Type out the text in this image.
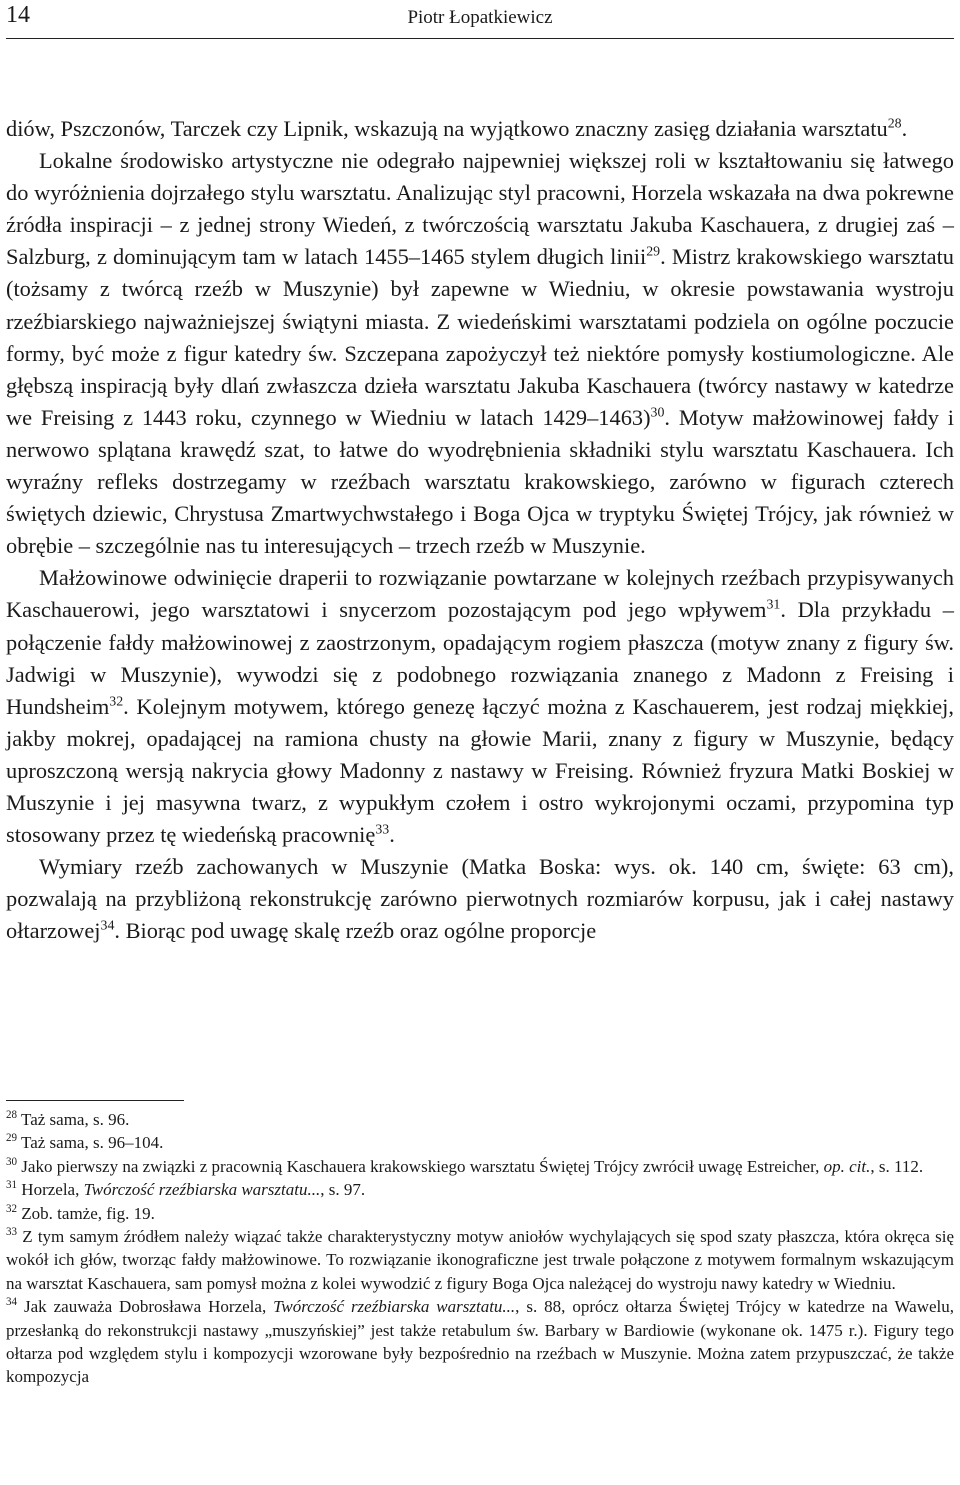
14	Piotr Łopatkiewicz

diów, Pszczonów, Tarczek czy Lipnik, wskazują na wyjątkowo znaczny zasięg działania warsztatu$^{28}$.

Lokalne środowisko artystyczne nie odegrało najpewniej większej roli w kształtowaniu się łatwego do wyróżnienia dojrzałego stylu warsztatu. Analizując styl pracowni, Horzela wskazała na dwa pokrewne źródła inspiracji – z jednej strony Wiedeń, z twórczością warsztatu Jakuba Kaschauera, z drugiej zaś – Salzburg, z dominującym tam w latach 1455–1465 stylem długich linii$^{29}$. Mistrz krakowskiego warsztatu (tożsamy z twórcą rzeźb w Muszynie) był zapewne w Wiedniu, w okresie powstawania wystroju rzeźbiarskiego najważniejszej świątyni miasta. Z wiedeńskimi warsztatami podziela on ogólne poczucie formy, być może z figur katedry św. Szczepana zapożyczył też niektóre pomysły kostiumologiczne. Ale głębszą inspiracją były dlań zwłaszcza dzieła warsztatu Jakuba Kaschauera (twórcy nastawy w katedrze we Freising z 1443 roku, czynnego w Wiedniu w latach 1429–1463)$^{30}$. Motyw małżowinowej fałdy i nerwowo splątana krawędź szat, to łatwe do wyodrębnienia składniki stylu warsztatu Kaschauera. Ich wyraźny refleks dostrzegamy w rzeźbach warsztatu krakowskiego, zarówno w figurach czterech świętych dziewic, Chrystusa Zmartwychwstałego i Boga Ojca w tryptyku Świętej Trójcy, jak również w obrębie – szczególnie nas tu interesujących – trzech rzeźb w Muszynie.

Małżowinowe odwinięcie draperii to rozwiązanie powtarzane w kolejnych rzeźbach przypisywanych Kaschauerowi, jego warsztatowi i snycerzom pozostającym pod jego wpływem$^{31}$. Dla przykładu – połączenie fałdy małżowinowej z zaostrzonym, opadającym rogiem płaszcza (motyw znany z figury św. Jadwigi w Muszynie), wywodzi się z podobnego rozwiązania znanego z Madonn z Freising i Hundsheim$^{32}$. Kolejnym motywem, którego genezę łączyć można z Kaschauerem, jest rodzaj miękkiej, jakby mokrej, opadającej na ramiona chusty na głowie Marii, znany z figury w Muszynie, będący uproszczoną wersją nakrycia głowy Madonny z nastawy w Freising. Również fryzura Matki Boskiej w Muszynie i jej masywna twarz, z wypukłym czołem i ostro wykrojonymi oczami, przypomina typ stosowany przez tę wiedeńską pracownię$^{33}$.

Wymiary rzeźb zachowanych w Muszynie (Matka Boska: wys. ok. 140 cm, święte: 63 cm), pozwalają na przybliżoną rekonstrukcję zarówno pierwotnych rozmiarów korpusu, jak i całej nastawy ołtarzowej$^{34}$. Biorąc pod uwagę skalę rzeźb oraz ogólne proporcje

$^{28}$ Taż sama, s. 96.

$^{29}$ Taż sama, s. 96–104.

$^{30}$ Jako pierwszy na związki z pracownią Kaschauera krakowskiego warsztatu Świętej Trójcy zwrócił uwagę Estreicher, op. cit., s. 112.

$^{31}$ Horzela, Twórczość rzeźbiarska warsztatu..., s. 97.

$^{32}$ Zob. tamże, fig. 19.

$^{33}$ Z tym samym źródłem należy wiązać także charakterystyczny motyw aniołów wychylających się spod szaty płaszcza, która okręca się wokół ich głów, tworząc fałdy małżowinowe. To rozwiązanie ikonograficzne jest trwale połączone z motywem formalnym wskazującym na warsztat Kaschauera, sam pomysł można z kolei wywodzić z figury Boga Ojca należącej do wystroju nawy katedry w Wiedniu.

$^{34}$ Jak zauważa Dobrosława Horzela, Twórczość rzeźbiarska warsztatu..., s. 88, oprócz ołtarza Świętej Trójcy w katedrze na Wawelu, przesłanką do rekonstrukcji nastawy „muszyńskiej” jest także retabulum św. Barbary w Bardiowie (wykonane ok. 1475 r.). Figury tego ołtarza pod względem stylu i kompozycji wzorowane były bezpośrednio na rzeźbach w Muszynie. Można zatem przypuszczać, że także kompozycja
